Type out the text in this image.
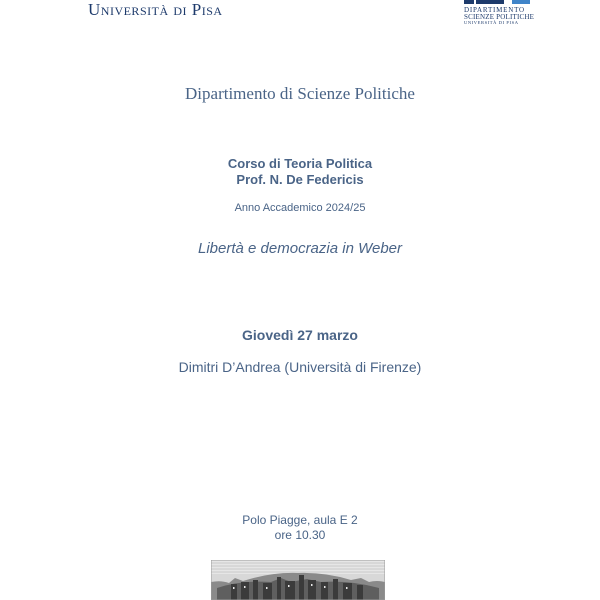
Università di Pisa	DIPARTIMENTO
SCIENZE POLITICHE
UNIVERSITÀ DI PISA
Dipartimento di Scienze Politiche
Corso di Teoria Politica
Prof. N. De Federicis
Anno Accademico 2024/25
Libertà e democrazia in Weber
Giovedì 27 marzo
Dimitri D’Andrea (Università di Firenze)
Polo Piagge, aula E 2
ore 10.30
